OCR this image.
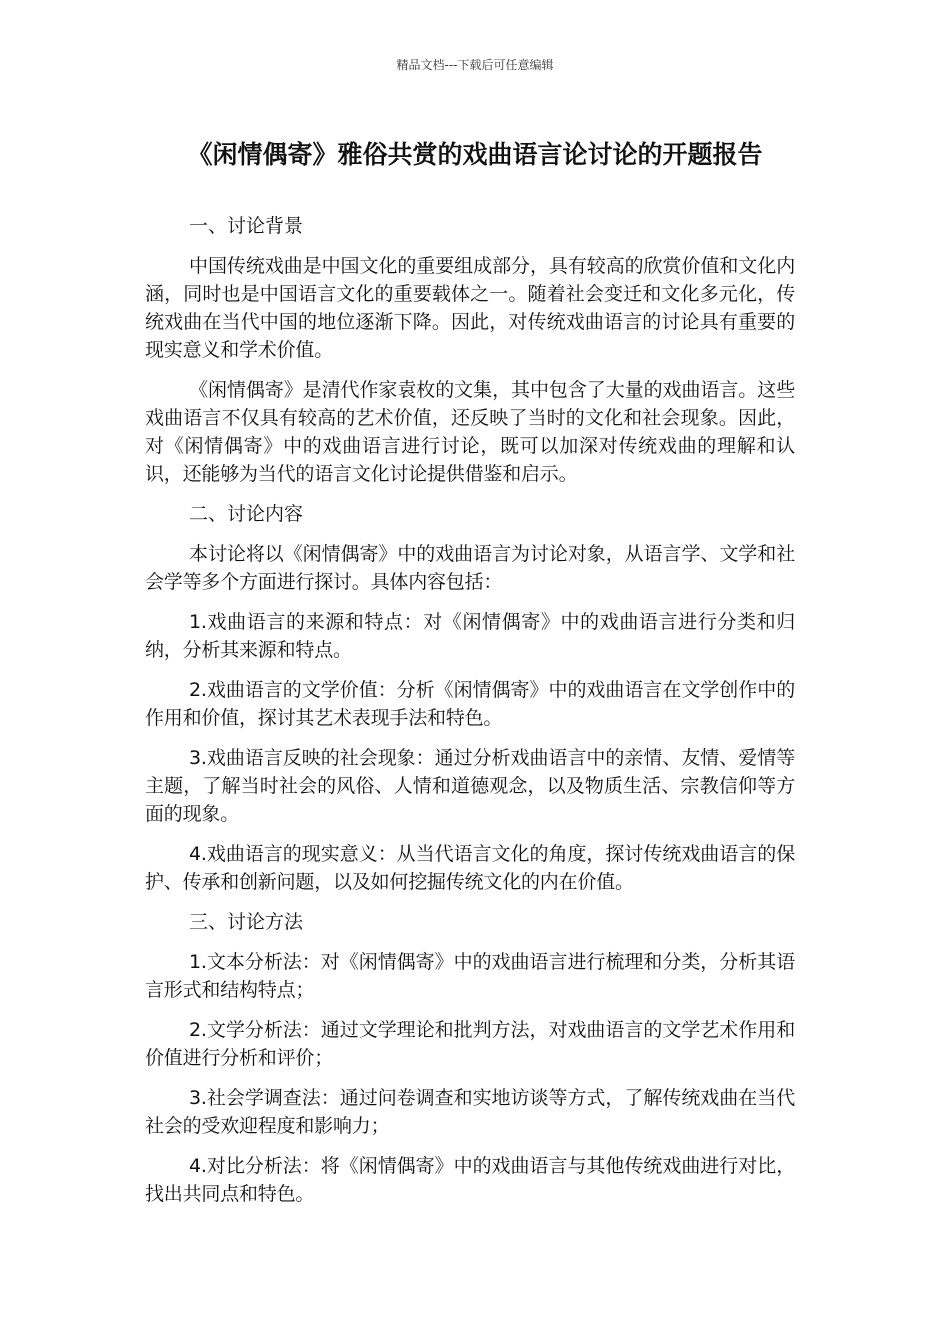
精品文档---下载后可任意编辑
《闲情偶寄》雅俗共赏的戏曲语言论讨论的开题报告

一、讨论背景

中国传统戏曲是中国文化的重要组成部分，具有较高的欣赏价值和文化内涵，同时也是中国语言文化的重要载体之一。随着社会变迁和文化多元化，传统戏曲在当代中国的地位逐渐下降。因此，对传统戏曲语言的讨论具有重要的现实意义和学术价值。

《闲情偶寄》是清代作家袁枚的文集，其中包含了大量的戏曲语言。这些戏曲语言不仅具有较高的艺术价值，还反映了当时的文化和社会现象。因此，对《闲情偶寄》中的戏曲语言进行讨论，既可以加深对传统戏曲的理解和认识，还能够为当代的语言文化讨论提供借鉴和启示。

二、讨论内容

本讨论将以《闲情偶寄》中的戏曲语言为讨论对象，从语言学、文学和社会学等多个方面进行探讨。具体内容包括：

1.戏曲语言的来源和特点：对《闲情偶寄》中的戏曲语言进行分类和归纳，分析其来源和特点。

2.戏曲语言的文学价值：分析《闲情偶寄》中的戏曲语言在文学创作中的作用和价值，探讨其艺术表现手法和特色。

3.戏曲语言反映的社会现象：通过分析戏曲语言中的亲情、友情、爱情等主题，了解当时社会的风俗、人情和道德观念，以及物质生活、宗教信仰等方面的现象。

4.戏曲语言的现实意义：从当代语言文化的角度，探讨传统戏曲语言的保护、传承和创新问题，以及如何挖掘传统文化的内在价值。

三、讨论方法

1.文本分析法：对《闲情偶寄》中的戏曲语言进行梳理和分类，分析其语言形式和结构特点；

2.文学分析法：通过文学理论和批判方法，对戏曲语言的文学艺术作用和价值进行分析和评价；

3.社会学调查法：通过问卷调查和实地访谈等方式，了解传统戏曲在当代社会的受欢迎程度和影响力；

4.对比分析法：将《闲情偶寄》中的戏曲语言与其他传统戏曲进行对比，找出共同点和特色。
